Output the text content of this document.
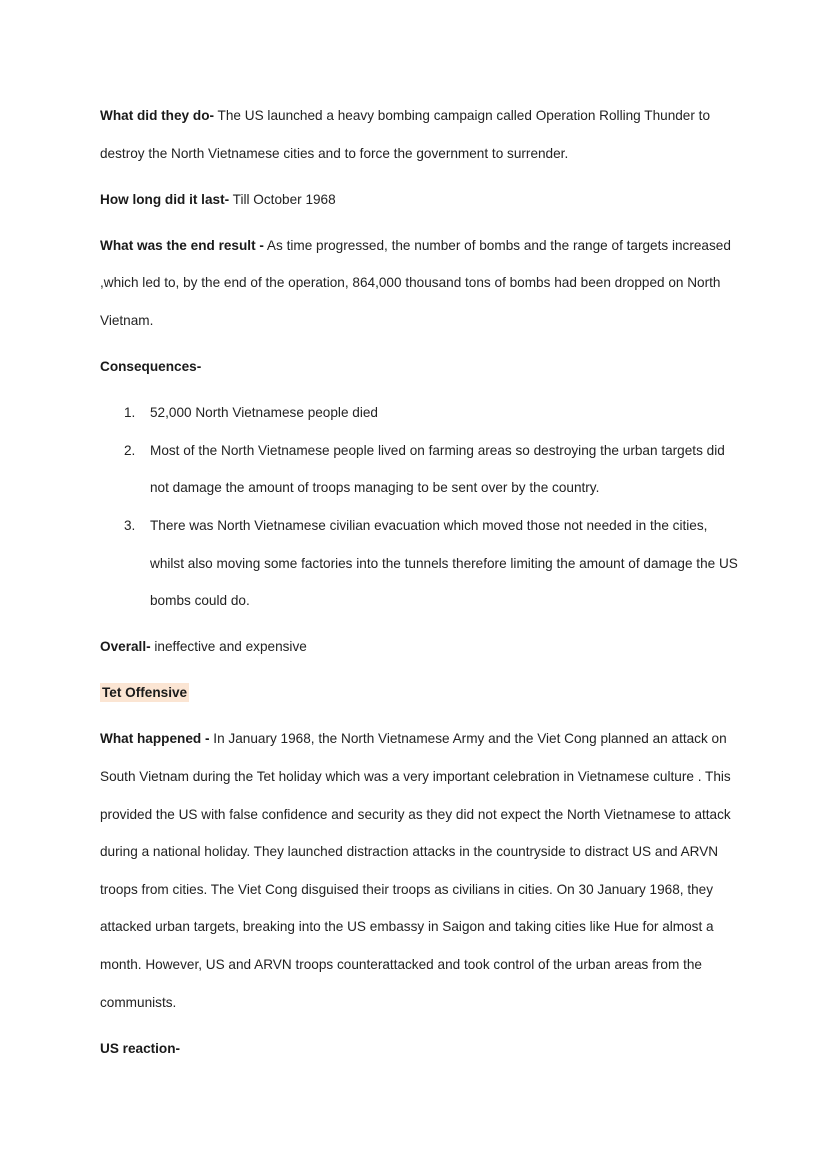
What did they do- The US launched a heavy bombing campaign called Operation Rolling Thunder to destroy the North Vietnamese cities and to force the government to surrender.

How long did it last- Till October 1968

What was the end result - As time progressed, the number of bombs and the range of targets increased ,which led to, by the end of the operation, 864,000 thousand tons of bombs had been dropped on North Vietnam.

Consequences-

1. 52,000 North Vietnamese people died
2. Most of the North Vietnamese people lived on farming areas so destroying the urban targets did not damage the amount of troops managing to be sent over by the country.
3. There was North Vietnamese civilian evacuation which moved those not needed in the cities, whilst also moving some factories into the tunnels therefore limiting the amount of damage the US bombs could do.

Overall- ineffective and expensive

Tet Offensive

What happened - In January 1968, the North Vietnamese Army and the Viet Cong planned an attack on South Vietnam during the Tet holiday which was a very important celebration in Vietnamese culture . This provided the US with false confidence and security as they did not expect the North Vietnamese to attack during a national holiday. They launched distraction attacks in the countryside to distract US and ARVN troops from cities. The Viet Cong disguised their troops as civilians in cities. On 30 January 1968, they attacked urban targets, breaking into the US embassy in Saigon and taking cities like Hue for almost a month. However, US and ARVN troops counterattacked and took control of the urban areas from the communists.

US reaction-
